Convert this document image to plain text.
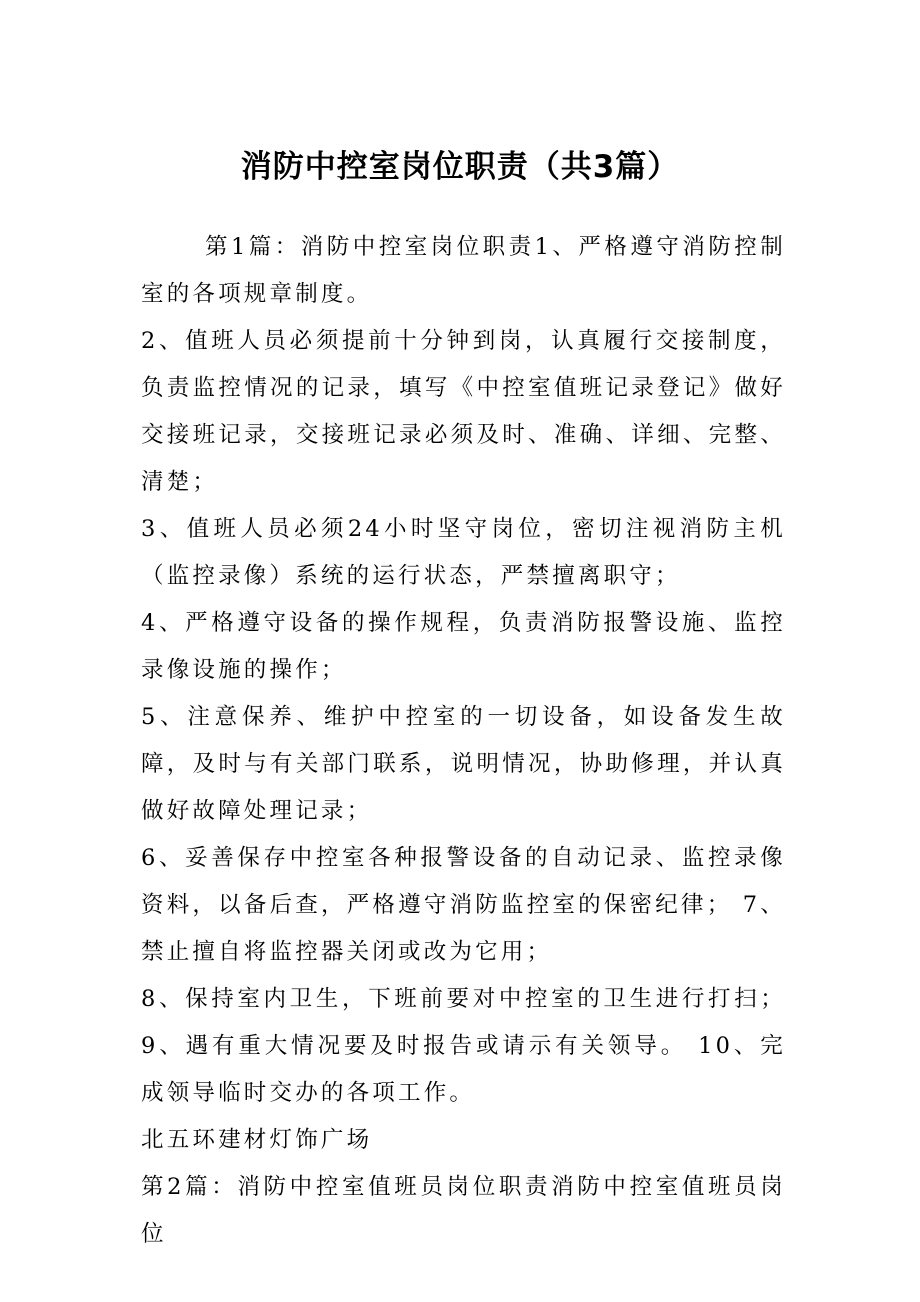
消防中控室岗位职责（共3篇）

第1篇：消防中控室岗位职责1、严格遵守消防控制室的各项规章制度。

2、值班人员必须提前十分钟到岗，认真履行交接制度，负责监控情况的记录，填写《中控室值班记录登记》做好交接班记录，交接班记录必须及时、准确、详细、完整、清楚；

3、值班人员必须24小时坚守岗位，密切注视消防主机（监控录像）系统的运行状态，严禁擅离职守；

4、严格遵守设备的操作规程，负责消防报警设施、监控录像设施的操作；

5、注意保养、维护中控室的一切设备，如设备发生故障，及时与有关部门联系，说明情况，协助修理，并认真做好故障处理记录；

6、妥善保存中控室各种报警设备的自动记录、监控录像资料，以备后查，严格遵守消防监控室的保密纪律； 7、禁止擅自将监控器关闭或改为它用；

8、保持室内卫生，下班前要对中控室的卫生进行打扫； 9、遇有重大情况要及时报告或请示有关领导。 10、完成领导临时交办的各项工作。

北五环建材灯饰广场

第2篇：消防中控室值班员岗位职责消防中控室值班员岗位
